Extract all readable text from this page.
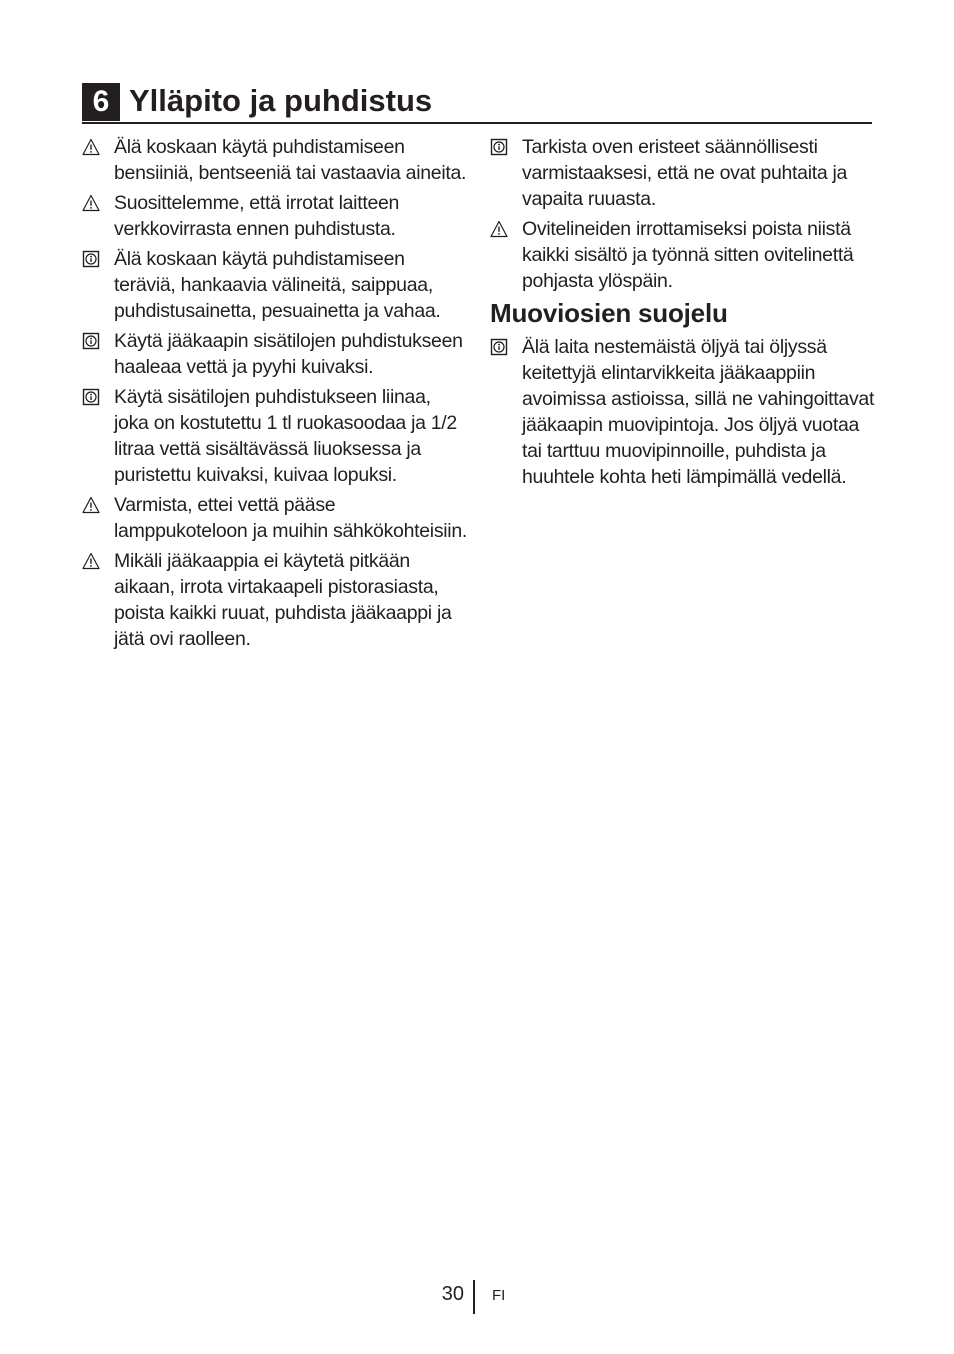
6 Ylläpito ja puhdistus
Älä koskaan käytä puhdistamiseen bensiiniä, bentseeniä tai vastaavia aineita.
Suosittelemme, että irrotat laitteen verkkovirrasta ennen puhdistusta.
Älä koskaan käytä puhdistamiseen teräviä, hankaavia välineitä, saippuaa, puhdistusainetta, pesuainetta ja vahaa.
Käytä jääkaapin sisätilojen puhdistukseen haaleaa vettä ja pyyhi kuivaksi.
Käytä sisätilojen puhdistukseen liinaa, joka on kostutettu 1 tl ruokasoodaa ja 1/2 litraa vettä sisältävässä liuoksessa ja puristettu kuivaksi, kuivaa lopuksi.
Varmista, ettei vettä pääse lamppukoteloon ja muihin sähkökohteisiin.
Mikäli jääkaappia ei käytetä pitkään aikaan, irrota virtakaapeli pistorasiasta, poista kaikki ruuat, puhdista jääkaappi ja jätä ovi raolleen.
Tarkista oven eristeet säännöllisesti varmistaaksesi, että ne ovat puhtaita ja vapaita ruuasta.
Ovitelineiden irrottamiseksi poista niistä kaikki sisältö ja työnnä sitten ovitelinettä pohjasta ylöspäin.
Muoviosien suojelu
Älä laita nestemäistä öljyä tai öljyssä keitettyjä elintarvikkeita jääkaappiin avoimissa astioissa, sillä ne vahingoittavat jääkaapin muovipintoja. Jos öljyä vuotaa tai tarttuu muovipinnoille, puhdista ja huuhtele kohta heti lämpimällä vedellä.
30 FI
